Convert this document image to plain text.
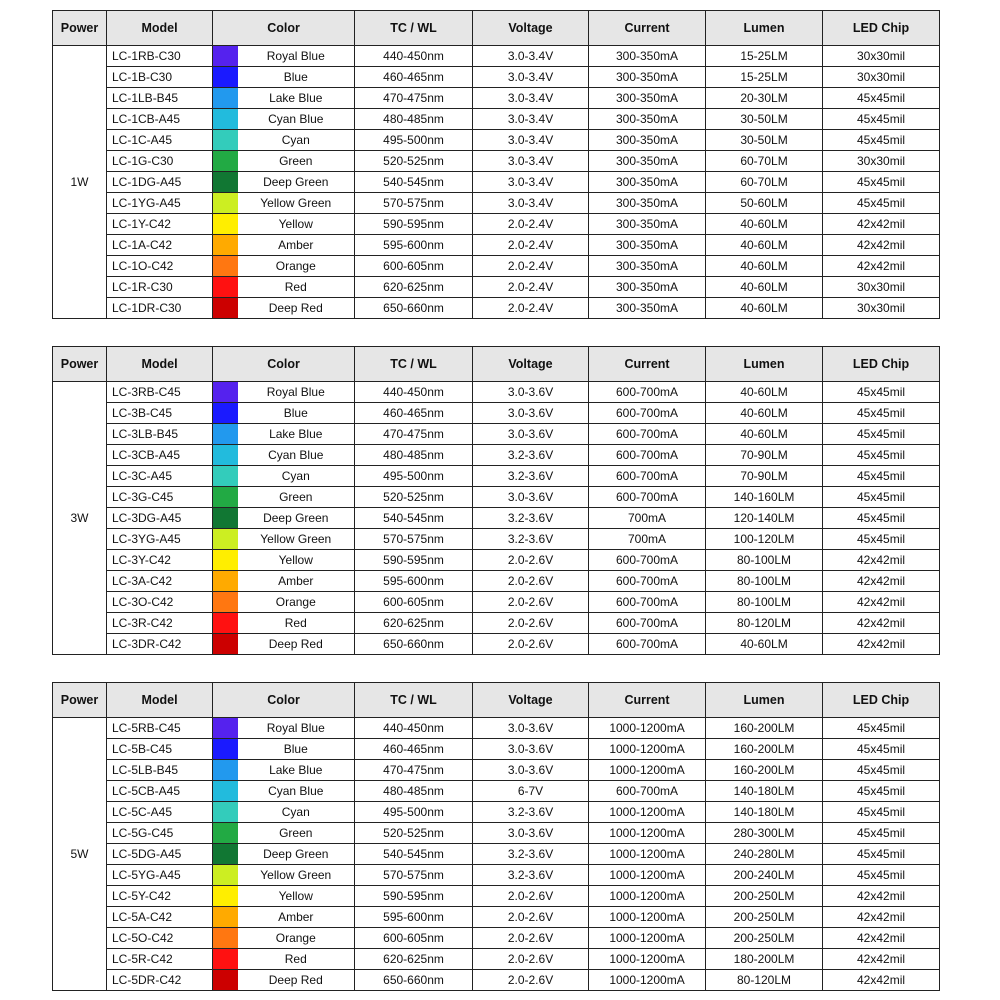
Power	Model	Color		TC / WL	Voltage	Current	Lumen	LED Chip
1W	LC-1RB-C30		Royal Blue	440-450nm	3.0-3.4V	300-350mA	15-25LM	30x30mil
	LC-1B-C30		Blue	460-465nm	3.0-3.4V	300-350mA	15-25LM	30x30mil
	LC-1LB-B45		Lake Blue	470-475nm	3.0-3.4V	300-350mA	20-30LM	45x45mil
	LC-1CB-A45		Cyan Blue	480-485nm	3.0-3.4V	300-350mA	30-50LM	45x45mil
	LC-1C-A45		Cyan	495-500nm	3.0-3.4V	300-350mA	30-50LM	45x45mil
	LC-1G-C30		Green	520-525nm	3.0-3.4V	300-350mA	60-70LM	30x30mil
	LC-1DG-A45		Deep Green	540-545nm	3.0-3.4V	300-350mA	60-70LM	45x45mil
	LC-1YG-A45		Yellow Green	570-575nm	3.0-3.4V	300-350mA	50-60LM	45x45mil
	LC-1Y-C42		Yellow	590-595nm	2.0-2.4V	300-350mA	40-60LM	42x42mil
	LC-1A-C42		Amber	595-600nm	2.0-2.4V	300-350mA	40-60LM	42x42mil
	LC-1O-C42		Orange	600-605nm	2.0-2.4V	300-350mA	40-60LM	42x42mil
	LC-1R-C30		Red	620-625nm	2.0-2.4V	300-350mA	40-60LM	30x30mil
	LC-1DR-C30		Deep Red	650-660nm	2.0-2.4V	300-350mA	40-60LM	30x30mil
Power	Model	Color		TC / WL	Voltage	Current	Lumen	LED Chip
3W	LC-3RB-C45		Royal Blue	440-450nm	3.0-3.6V	600-700mA	40-60LM	45x45mil
	LC-3B-C45		Blue	460-465nm	3.0-3.6V	600-700mA	40-60LM	45x45mil
	LC-3LB-B45		Lake Blue	470-475nm	3.0-3.6V	600-700mA	40-60LM	45x45mil
	LC-3CB-A45		Cyan Blue	480-485nm	3.2-3.6V	600-700mA	70-90LM	45x45mil
	LC-3C-A45		Cyan	495-500nm	3.2-3.6V	600-700mA	70-90LM	45x45mil
	LC-3G-C45		Green	520-525nm	3.0-3.6V	600-700mA	140-160LM	45x45mil
	LC-3DG-A45		Deep Green	540-545nm	3.2-3.6V	700mA	120-140LM	45x45mil
	LC-3YG-A45		Yellow Green	570-575nm	3.2-3.6V	700mA	100-120LM	45x45mil
	LC-3Y-C42		Yellow	590-595nm	2.0-2.6V	600-700mA	80-100LM	42x42mil
	LC-3A-C42		Amber	595-600nm	2.0-2.6V	600-700mA	80-100LM	42x42mil
	LC-3O-C42		Orange	600-605nm	2.0-2.6V	600-700mA	80-100LM	42x42mil
	LC-3R-C42		Red	620-625nm	2.0-2.6V	600-700mA	80-120LM	42x42mil
	LC-3DR-C42		Deep Red	650-660nm	2.0-2.6V	600-700mA	40-60LM	42x42mil
Power	Model	Color		TC / WL	Voltage	Current	Lumen	LED Chip
5W	LC-5RB-C45		Royal Blue	440-450nm	3.0-3.6V	1000-1200mA	160-200LM	45x45mil
	LC-5B-C45		Blue	460-465nm	3.0-3.6V	1000-1200mA	160-200LM	45x45mil
	LC-5LB-B45		Lake Blue	470-475nm	3.0-3.6V	1000-1200mA	160-200LM	45x45mil
	LC-5CB-A45		Cyan Blue	480-485nm	6-7V	600-700mA	140-180LM	45x45mil
	LC-5C-A45		Cyan	495-500nm	3.2-3.6V	1000-1200mA	140-180LM	45x45mil
	LC-5G-C45		Green	520-525nm	3.0-3.6V	1000-1200mA	280-300LM	45x45mil
	LC-5DG-A45		Deep Green	540-545nm	3.2-3.6V	1000-1200mA	240-280LM	45x45mil
	LC-5YG-A45		Yellow Green	570-575nm	3.2-3.6V	1000-1200mA	200-240LM	45x45mil
	LC-5Y-C42		Yellow	590-595nm	2.0-2.6V	1000-1200mA	200-250LM	42x42mil
	LC-5A-C42		Amber	595-600nm	2.0-2.6V	1000-1200mA	200-250LM	42x42mil
	LC-5O-C42		Orange	600-605nm	2.0-2.6V	1000-1200mA	200-250LM	42x42mil
	LC-5R-C42		Red	620-625nm	2.0-2.6V	1000-1200mA	180-200LM	42x42mil
	LC-5DR-C42		Deep Red	650-660nm	2.0-2.6V	1000-1200mA	80-120LM	42x42mil
